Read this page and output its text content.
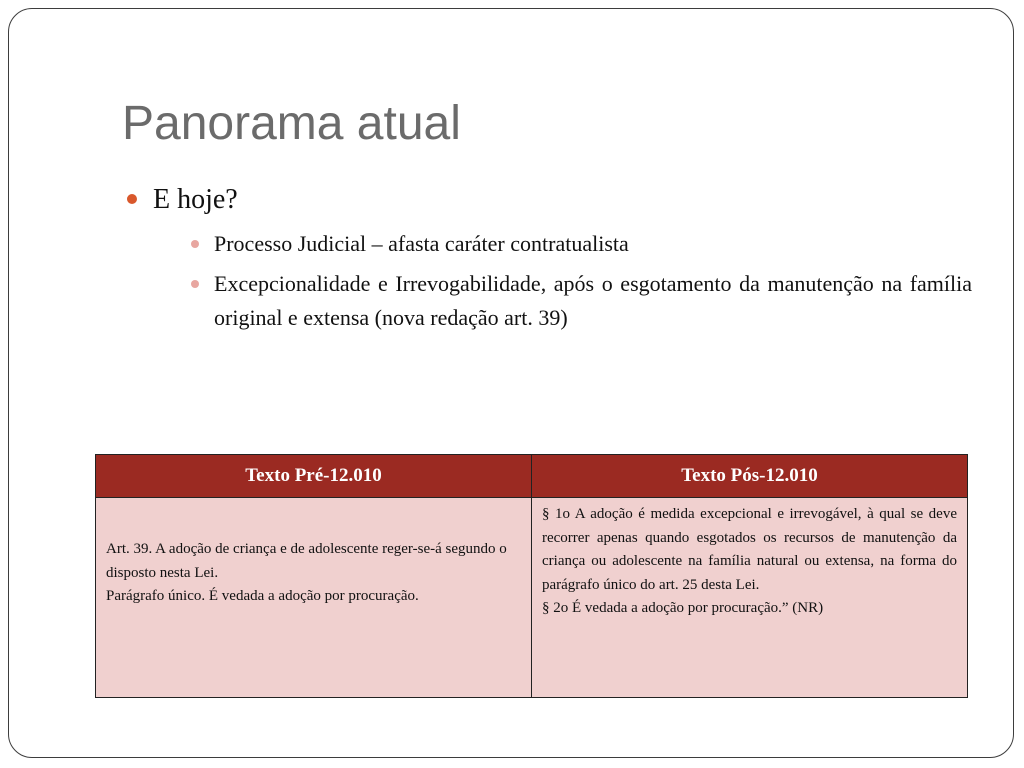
Panorama atual
E hoje?
Processo Judicial – afasta caráter contratualista
Excepcionalidade e Irrevogabilidade, após o esgotamento da manutenção na família original e extensa (nova redação art. 39)
Texto Pré-12.010	Texto Pós-12.010

Art. 39. A adoção de criança e de adolescente reger-se-á segundo o disposto nesta Lei.
Parágrafo único. É vedada a adoção por procuração.	§ 1o A adoção é medida excepcional e irrevogável, à qual se deve recorrer apenas quando esgotados os recursos de manutenção da criança ou adolescente na família natural ou extensa, na forma do parágrafo único do art. 25 desta Lei.
§ 2o É vedada a adoção por procuração.” (NR)
